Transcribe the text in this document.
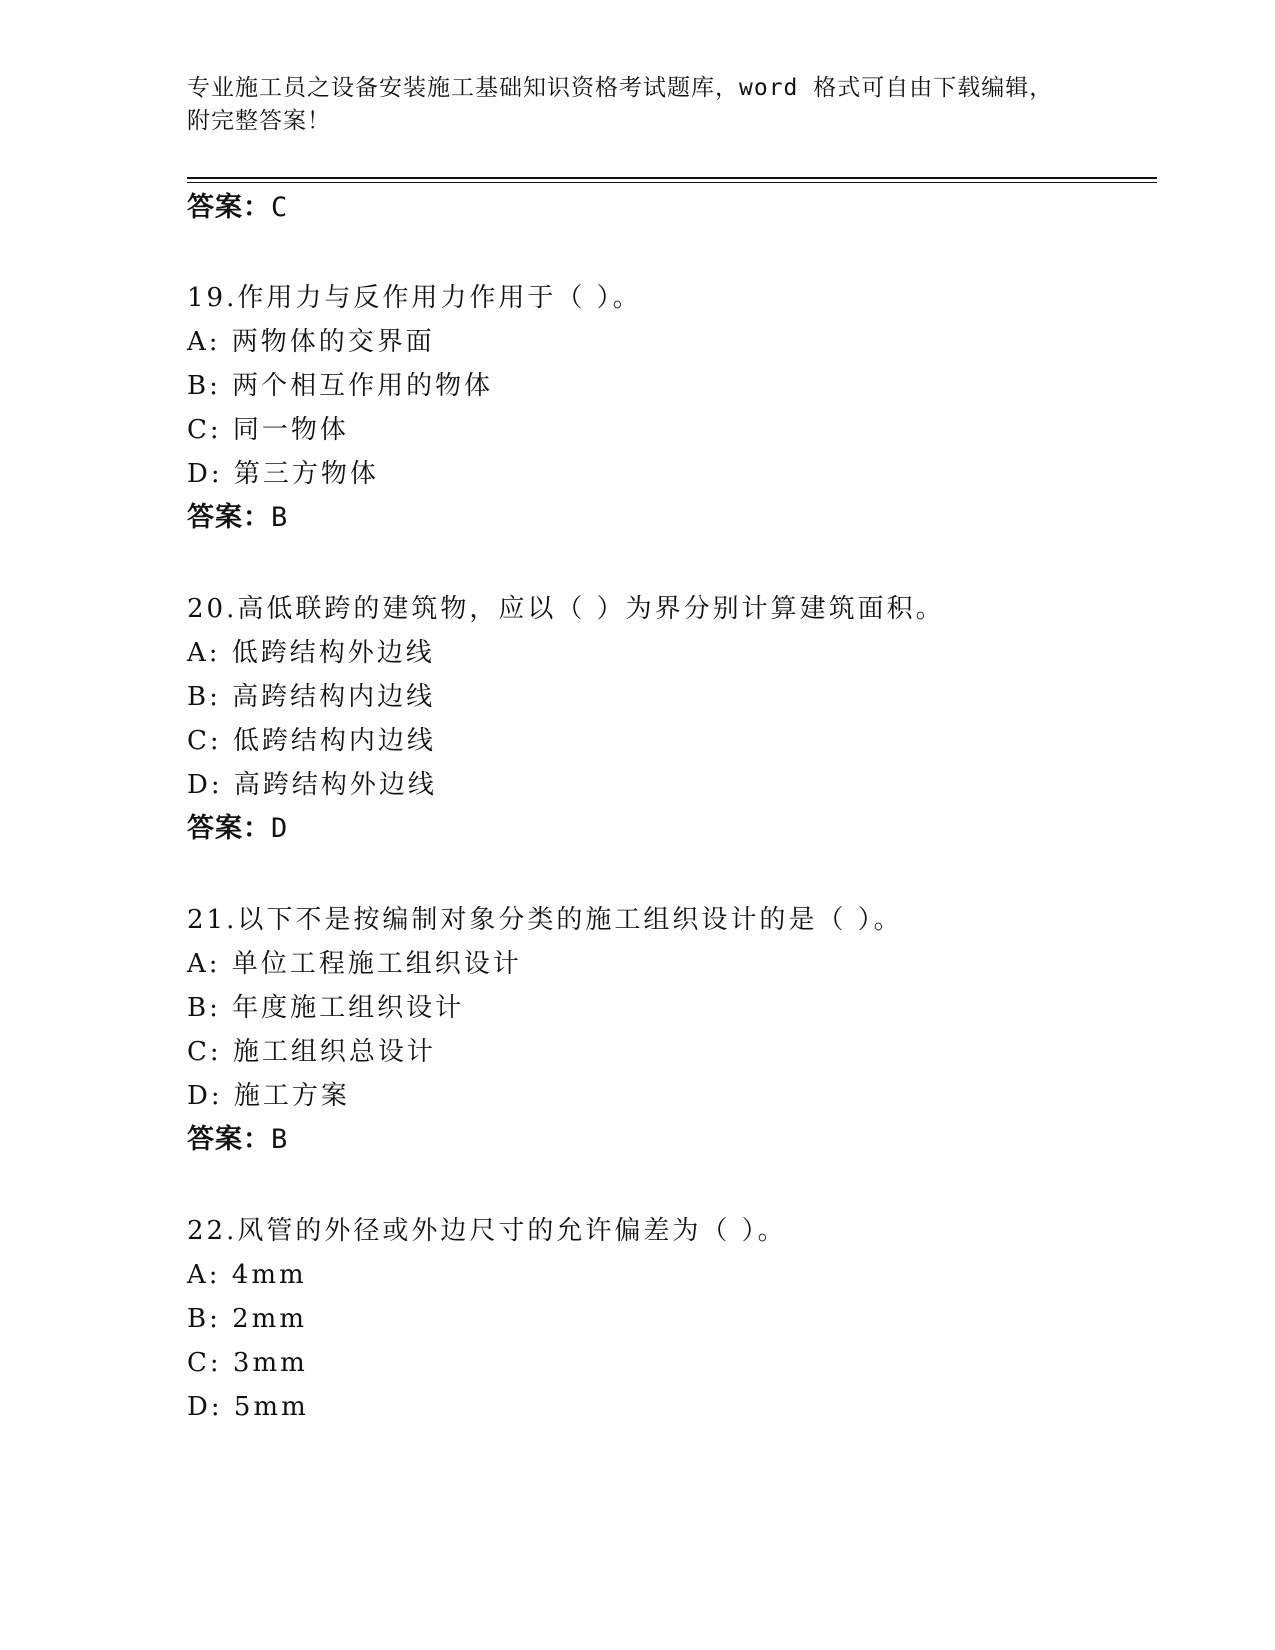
专业施工员之设备安装施工基础知识资格考试题库，word 格式可自由下载编辑，
附完整答案！
答案：C
19.作用力与反作用力作用于（ ）。
A: 两物体的交界面
B: 两个相互作用的物体
C: 同一物体
D: 第三方物体
答案：B
20.高低联跨的建筑物，应以（ ）为界分别计算建筑面积。
A: 低跨结构外边线
B: 高跨结构内边线
C: 低跨结构内边线
D: 高跨结构外边线
答案：D
21.以下不是按编制对象分类的施工组织设计的是（ ）。
A: 单位工程施工组织设计
B: 年度施工组织设计
C: 施工组织总设计
D: 施工方案
答案：B
22.风管的外径或外边尺寸的允许偏差为（ ）。
A: 4mm
B: 2mm
C: 3mm
D: 5mm
